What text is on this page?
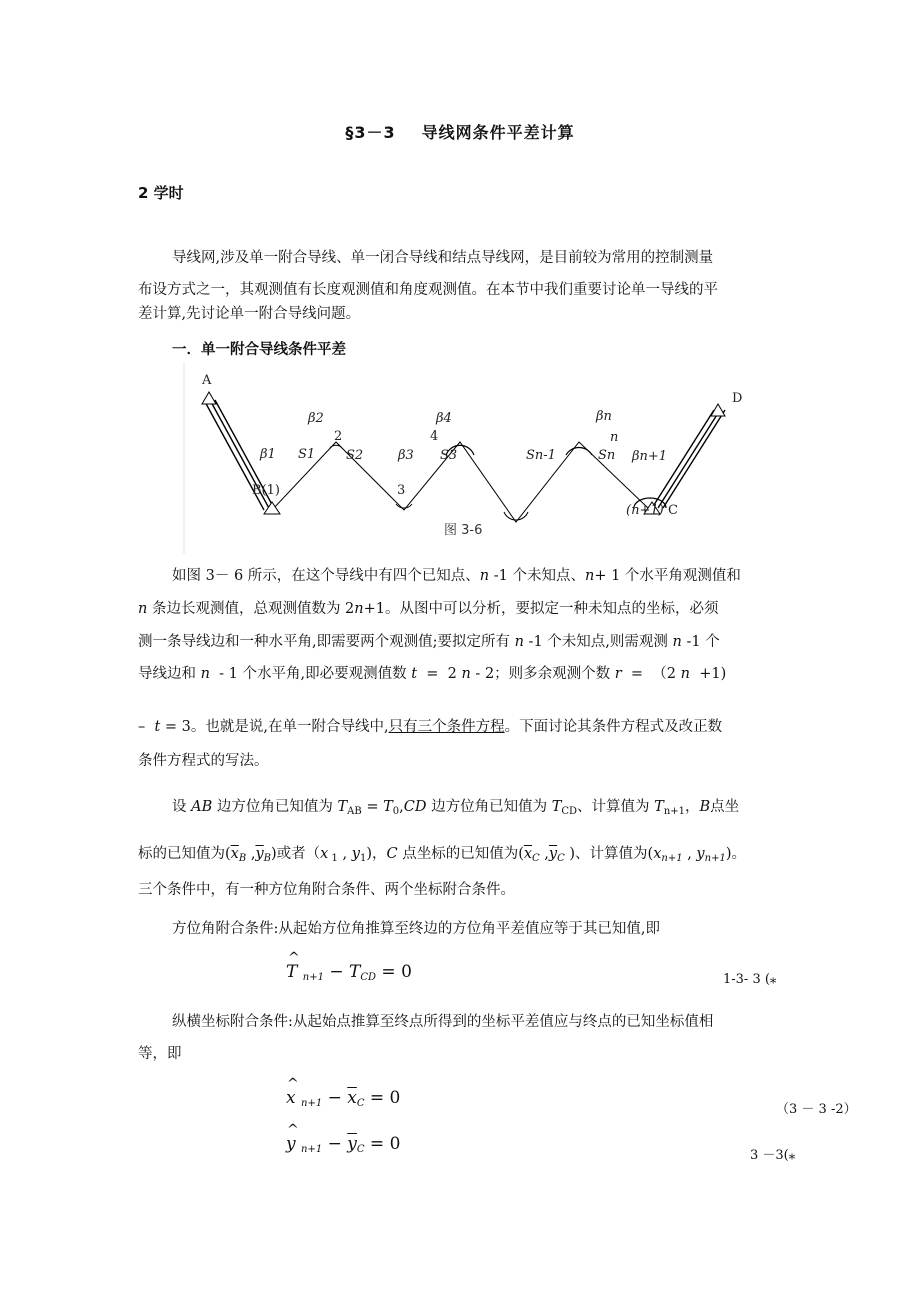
§3－3 导线网条件平差计算
2 学时
导线网,涉及单一附合导线、单一闭合导线和结点导线网，是目前较为常用的控制测量
布设方式之一，其观测值有长度观测值和角度观测值。在本节中我们重要讨论单一导线的平
差计算,先讨论单一附合导线问题。
一．单一附合导线条件平差
A
D
B(1)
(n+1) C
β1
β2
β3
β4	βn
βn+1
S1 S2	S3	Sn-1	Sn
2
3
4	n
图 3-6
如图 3－ 6 所示，在这个导线中有四个已知点、n -1 个未知点、n+ 1 个水平角观测值和
n 条边长观测值，总观测值数为 2n+1。从图中可以分析，要拟定一种未知点的坐标，必须
测一条导线边和一种水平角,即需要两个观测值;要拟定所有 n -1 个未知点,则需观测 n -1 个
导线边和 n  - 1 个水平角,即必要观测值数 t  =  2 n - 2；则多余观测个数 r  =  （2 n  +1)
–  t = 3。也就是说,在单一附合导线中,只有三个条件方程。下面讨论其条件方程式及改正数
条件方程式的写法。
设 AB 边方位角已知值为 $T_{AB} = T_0,CD$ 边方位角已知值为 $T_{CD}$、计算值为 $T_{n+1}$，B点坐
标的已知值为($\overline{x}_B$ $,\overline{y}_B$)或者（x $_1$ , $y_1$)，C 点坐标的已知值为($\overline{x}_C$ $,\overline{y}_C$ )、计算值为($x_{n+1}$ , $y_{n+1}$)。
三个条件中，有一种方位角附合条件、两个坐标附合条件。
方位角附合条件:从起始方位角推算至终边的方位角平差值应等于其已知值,即
^
T $_{n+1} - T_{CD} = 0$	1-3- 3 (⁎
纵横坐标附合条件:从起始点推算至终点所得到的坐标平差值应与终点的已知坐标值相
等，即
^
x $_{n+1} - \overline{x}_C = 0$
（3 － 3 -2）
^
y $_{n+1} - \overline{y}_C = 0$
3 －3(⁎
